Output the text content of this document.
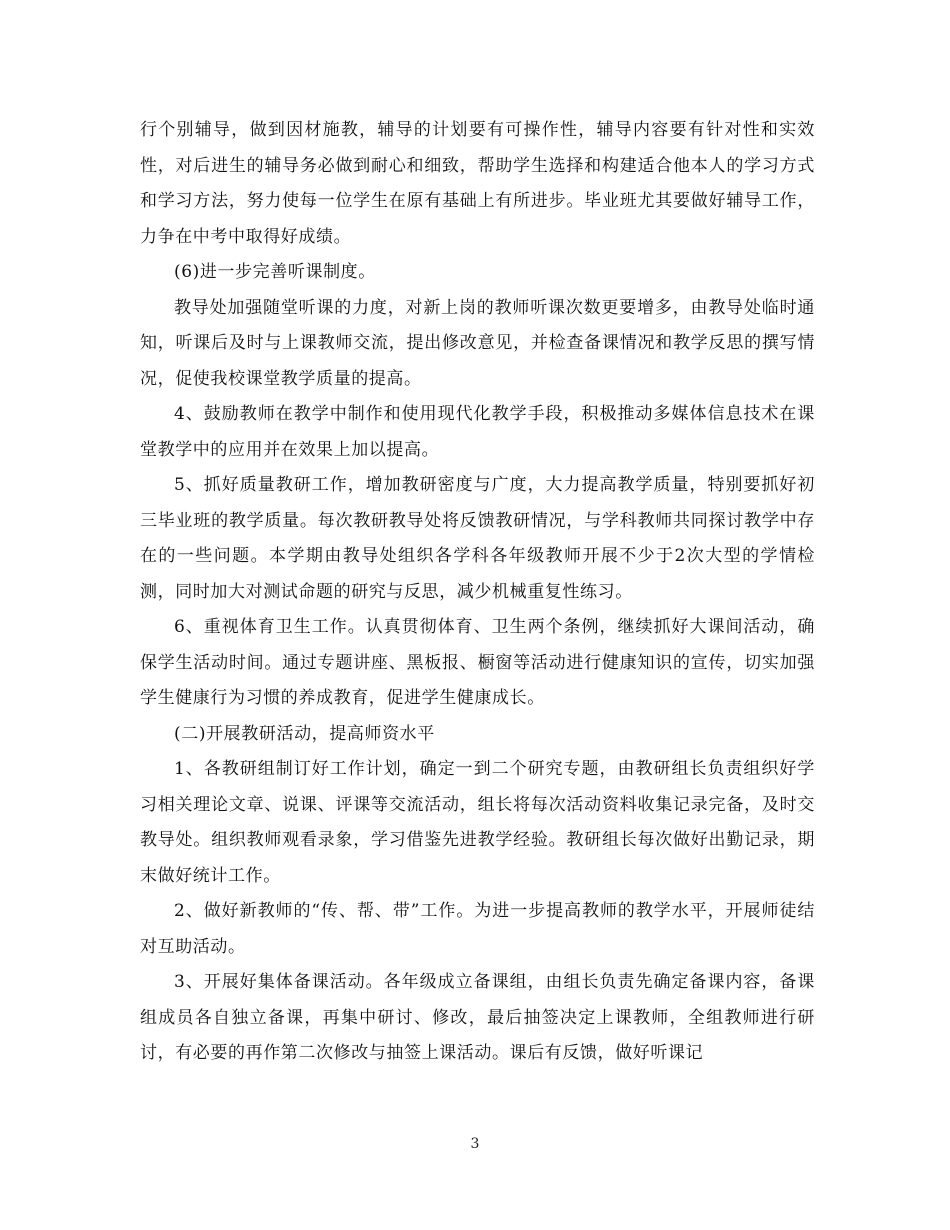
行个别辅导，做到因材施教，辅导的计划要有可操作性，辅导内容要有针对性和实效性，对后进生的辅导务必做到耐心和细致，帮助学生选择和构建适合他本人的学习方式和学习方法，努力使每一位学生在原有基础上有所进步。毕业班尤其要做好辅导工作，力争在中考中取得好成绩。

(6)进一步完善听课制度。

教导处加强随堂听课的力度，对新上岗的教师听课次数更要增多，由教导处临时通知，听课后及时与上课教师交流，提出修改意见，并检查备课情况和教学反思的撰写情况，促使我校课堂教学质量的提高。

4、鼓励教师在教学中制作和使用现代化教学手段，积极推动多媒体信息技术在课堂教学中的应用并在效果上加以提高。

5、抓好质量教研工作，增加教研密度与广度，大力提高教学质量，特别要抓好初三毕业班的教学质量。每次教研教导处将反馈教研情况，与学科教师共同探讨教学中存在的一些问题。本学期由教导处组织各学科各年级教师开展不少于2次大型的学情检测，同时加大对测试命题的研究与反思，减少机械重复性练习。

6、重视体育卫生工作。认真贯彻体育、卫生两个条例，继续抓好大课间活动，确保学生活动时间。通过专题讲座、黑板报、橱窗等活动进行健康知识的宣传，切实加强学生健康行为习惯的养成教育，促进学生健康成长。

(二)开展教研活动，提高师资水平

1、各教研组制订好工作计划，确定一到二个研究专题，由教研组长负责组织好学习相关理论文章、说课、评课等交流活动，组长将每次活动资料收集记录完备，及时交教导处。组织教师观看录象，学习借鉴先进教学经验。教研组长每次做好出勤记录，期末做好统计工作。

2、做好新教师的“传、帮、带”工作。为进一步提高教师的教学水平，开展师徒结对互助活动。

3、开展好集体备课活动。各年级成立备课组，由组长负责先确定备课内容，备课组成员各自独立备课，再集中研讨、修改，最后抽签决定上课教师，全组教师进行研讨，有必要的再作第二次修改与抽签上课活动。课后有反馈，做好听课记

3
